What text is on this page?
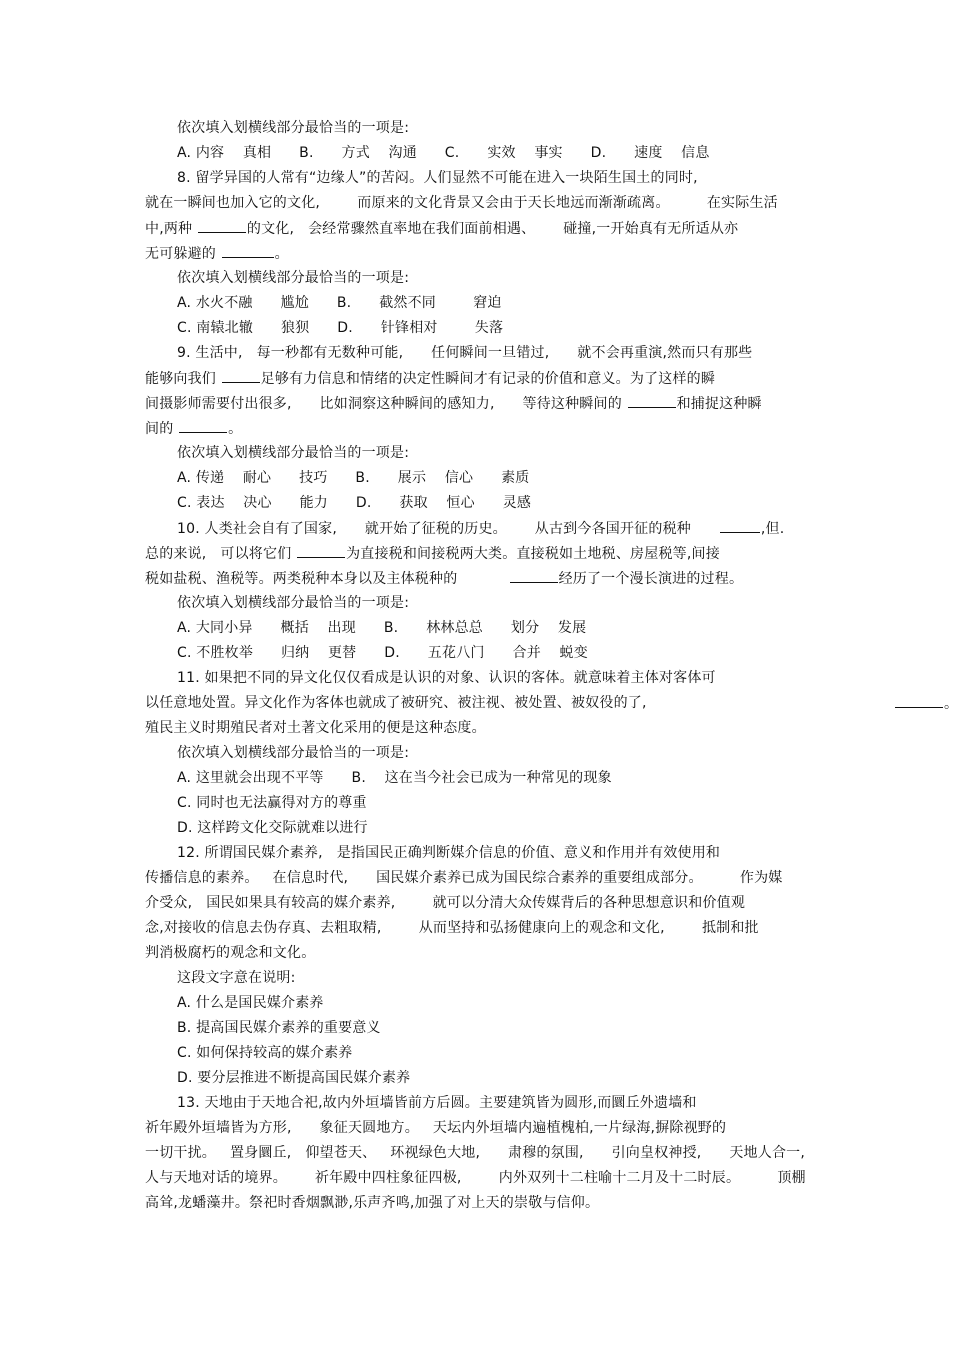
依次填入划横线部分最恰当的一项是:
A. 内容    真相      B.      方式    沟通      C.      实效    事实      D.      速度    信息
8. 留学异国的人常有“边缘人”的苦闷。人们显然不可能在进入一块陌生国土的同时,
就在一瞬间也加入它的文化,        而原来的文化背景又会由于天长地远而渐渐疏离。        在实际生活
中,两种	的文化,   会经常骤然直率地在我们面前相遇、      碰撞,一开始真有无所适从亦
无可躲避的	。
依次填入划横线部分最恰当的一项是:
A. 水火不融      尴尬      B.      截然不同        窘迫
C. 南辕北辙      狼狈      D.      针锋相对        失落
9. 生活中,   每一秒都有无数种可能,      任何瞬间一旦错过,      就不会再重演,然而只有那些
能够向我们	足够有力信息和情绪的决定性瞬间才有记录的价值和意义。为了这样的瞬
间摄影师需要付出很多,      比如洞察这种瞬间的感知力,      等待这种瞬间的	和捕捉这种瞬
间的	。
依次填入划横线部分最恰当的一项是:
A. 传递    耐心      技巧      B.      展示    信心      素质
C. 表达    决心      能力      D.      获取    恒心      灵感
10. 人类社会自有了国家,      就开始了征税的历史。      从古到今各国开征的税种	,但.
总的来说,   可以将它们	为直接税和间接税两大类。直接税如土地税、房屋税等,间接
税如盐税、渔税等。两类税种本身以及主体税种的	经历了一个漫长演进的过程。
依次填入划横线部分最恰当的一项是:
A. 大同小异      概括    出现      B.      林林总总      划分    发展
C. 不胜枚举      归纳    更替      D.      五花八门      合并    蜕变
11. 如果把不同的异文化仅仅看成是认识的对象、认识的客体。就意味着主体对客体可
以任意地处置。异文化作为客体也就成了被研究、被注视、被处置、被奴役的了,	。
殖民主义时期殖民者对土著文化采用的便是这种态度。
依次填入划横线部分最恰当的一项是:
A. 这里就会出现不平等      B.    这在当今社会已成为一种常见的现象
C. 同时也无法赢得对方的尊重
D. 这样跨文化交际就难以进行
12. 所谓国民媒介素养,   是指国民正确判断媒介信息的价值、意义和作用并有效使用和
传播信息的素养。   在信息时代,      国民媒介素养已成为国民综合素养的重要组成部分。        作为媒
介受众,   国民如果具有较高的媒介素养,        就可以分清大众传媒背后的各种思想意识和价值观
念,对接收的信息去伪存真、去粗取精,        从而坚持和弘扬健康向上的观念和文化,        抵制和批
判消极腐朽的观念和文化。
这段文字意在说明:
A. 什么是国民媒介素养
B. 提高国民媒介素养的重要意义
C. 如何保持较高的媒介素养
D. 要分层推进不断提高国民媒介素养
13. 天地由于天地合祀,故内外垣墙皆前方后圆。主要建筑皆为圆形,而圜丘外遗墙和
祈年殿外垣墙皆为方形,      象征天圆地方。   天坛内外垣墙内遍植槐柏,一片绿海,摒除视野的
一切干扰。   置身圜丘,   仰望苍天、   环视绿色大地,      肃穆的氛围,      引向皇权神授,      天地人合一,
人与天地对话的境界。      祈年殿中四柱象征四极,        内外双列十二柱喻十二月及十二时辰。        顶棚
高耸,龙蟠藻井。祭祀时香烟飘渺,乐声齐鸣,加强了对上天的崇敬与信仰。
